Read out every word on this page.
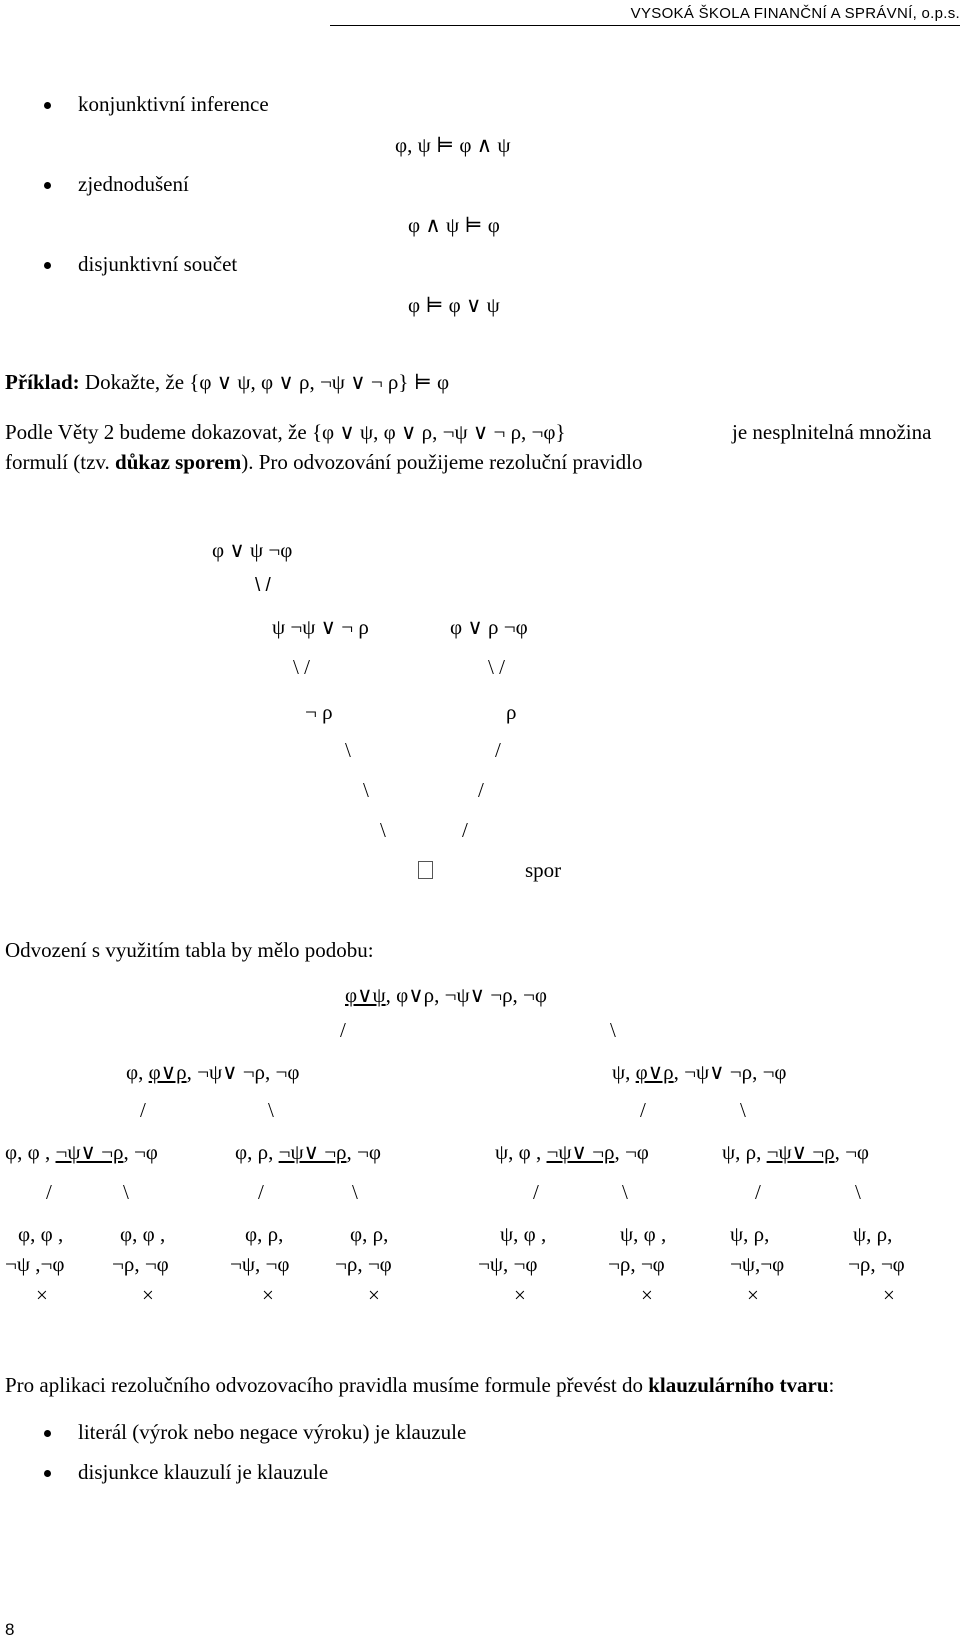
VYSOKÁ ŠKOLA FINANČNÍ A SPRÁVNÍ, o.p.s.
konjunktivní inference
φ, ψ ⊨ φ ∧ ψ
zjednodušení
φ ∧ ψ ⊨ φ
disjunktivní součet
φ ⊨ φ ∨ ψ
Příklad: Dokažte, že {φ ∨ ψ, φ ∨ ρ, ¬ψ ∨ ¬ ρ} ⊨ φ
Podle Věty 2 budeme dokazovat, že {φ ∨ ψ, φ ∨ ρ, ¬ψ ∨ ¬ ρ, ¬φ}	je nesplnitelná množina
formulí (tzv. důkaz sporem). Pro odvozování použijeme rezoluční pravidlo
φ ∨ ψ ¬φ
\ /
ψ ¬ψ ∨ ¬ ρ	φ ∨ ρ ¬φ
\ /	\ /
¬ ρ	ρ
\	/
\	/
\	/
spor
Odvození s využitím tabla by mělo podobu:
φ∨ψ, φ∨ρ, ¬ψ∨ ¬ρ, ¬φ
/	\
φ, φ∨ρ, ¬ψ∨ ¬ρ, ¬φ	ψ, φ∨ρ, ¬ψ∨ ¬ρ, ¬φ
/	\	/	\
φ, φ , ¬ψ∨ ¬ρ, ¬φ	φ, ρ, ¬ψ∨ ¬ρ, ¬φ	ψ, φ , ¬ψ∨ ¬ρ, ¬φ	ψ, ρ, ¬ψ∨ ¬ρ, ¬φ
/	\	/	\	/	\	/	\
φ, φ ,	φ, φ ,	φ, ρ,	φ, ρ,	ψ, φ ,	ψ, φ ,	ψ, ρ,	ψ, ρ,
¬ψ ,¬φ ¬ρ, ¬φ	¬ψ, ¬φ ¬ρ, ¬φ	¬ψ, ¬φ	¬ρ, ¬φ	¬ψ,¬φ	¬ρ, ¬φ
×	×	×	×	×	×	×	×
Pro aplikaci rezolučního odvozovacího pravidla musíme formule převést do klauzulárního tvaru:
literál (výrok nebo negace výroku) je klauzule
disjunkce klauzulí je klauzule
8
